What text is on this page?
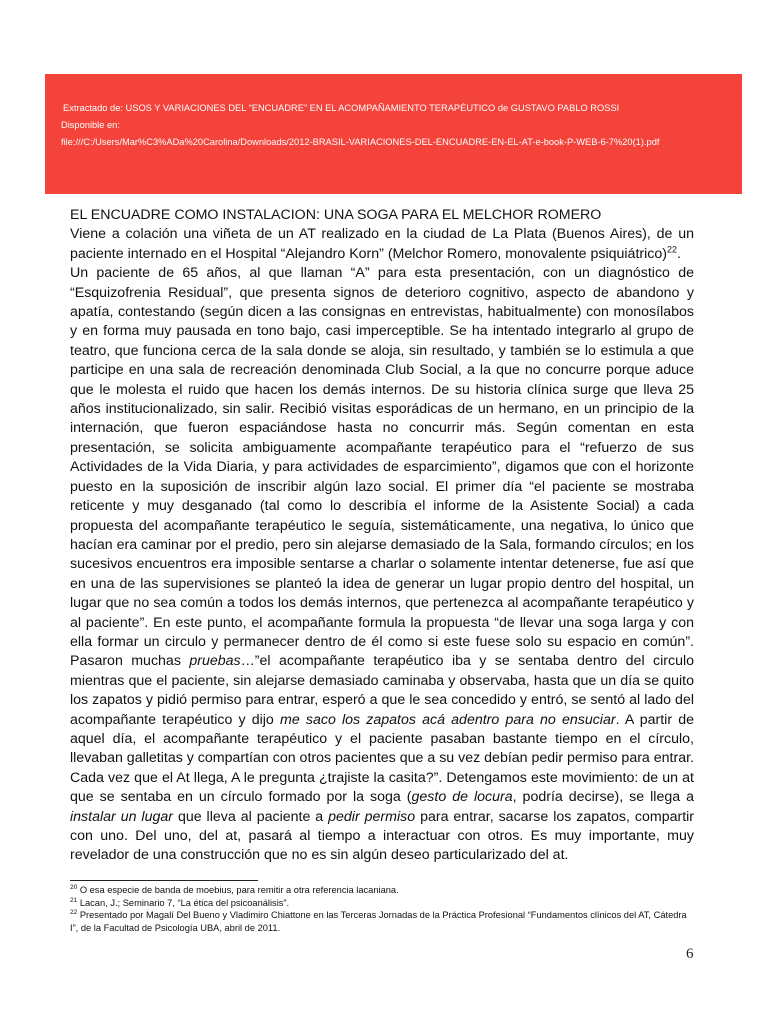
Extractado de: USOS Y VARIACIONES DEL “ENCUADRE” EN EL ACOMPAÑAMIENTO TERAPÉUTICO de GUSTAVO PABLO ROSSI
Disponible en:
file:///C:/Users/Mar%C3%ADa%20Carolina/Downloads/2012-BRASIL-VARIACIONES-DEL-ENCUADRE-EN-EL-AT-e-book-P-WEB-6-7%20(1).pdf

EL ENCUADRE COMO INSTALACION: UNA SOGA PARA EL MELCHOR ROMERO

Viene a colación una viñeta de un AT realizado en la ciudad de La Plata (Buenos Aires), de un paciente internado en el Hospital “Alejandro Korn” (Melchor Romero, monovalente psiquiátrico)$^{22}$.

Un paciente de 65 años, al que llaman “A” para esta presentación, con un diagnóstico de “Esquizofrenia Residual”, que presenta signos de deterioro cognitivo, aspecto de abandono y apatía, contestando (según dicen a las consignas en entrevistas, habitualmente) con monosílabos y en forma muy pausada en tono bajo, casi imperceptible. Se ha intentado integrarlo al grupo de teatro, que funciona cerca de la sala donde se aloja, sin resultado, y también se lo estimula a que participe en una sala de recreación denominada Club Social, a la que no concurre porque aduce que le molesta el ruido que hacen los demás internos. De su historia clínica surge que lleva 25 años institucionalizado, sin salir. Recibió visitas esporádicas de un hermano, en un principio de la internación, que fueron espaciándose hasta no concurrir más. Según comentan en esta presentación, se solicita ambiguamente acompañante terapéutico para el “refuerzo de sus Actividades de la Vida Diaria, y para actividades de esparcimiento”, digamos que con el horizonte puesto en la suposición de inscribir algún lazo social. El primer día “el paciente se mostraba reticente y muy desganado (tal como lo describía el informe de la Asistente Social) a cada propuesta del acompañante terapéutico le seguía, sistemáticamente, una negativa, lo único que hacían era caminar por el predio, pero sin alejarse demasiado de la Sala, formando círculos; en los sucesivos encuentros era imposible sentarse a charlar o solamente intentar detenerse, fue así que en una de las supervisiones se planteó la idea de generar un lugar propio dentro del hospital, un lugar que no sea común a todos los demás internos, que pertenezca al acompañante terapéutico y al paciente”. En este punto, el acompañante formula la propuesta “de llevar una soga larga y con ella formar un circulo y permanecer dentro de él como si este fuese solo su espacio en común”. Pasaron muchas pruebas…”el acompañante terapéutico iba y se sentaba dentro del circulo mientras que el paciente, sin alejarse demasiado caminaba y observaba, hasta que un día se quito los zapatos y pidió permiso para entrar, esperó a que le sea concedido y entró, se sentó al lado del acompañante terapéutico y dijo me saco los zapatos acá adentro para no ensuciar. A partir de aquel día, el acompañante terapéutico y el paciente pasaban bastante tiempo en el círculo, llevaban galletitas y compartían con otros pacientes que a su vez debían pedir permiso para entrar. Cada vez que el At llega, A le pregunta ¿trajiste la casita?”. Detengamos este movimiento: de un at que se sentaba en un círculo formado por la soga (gesto de locura, podría decirse), se llega a instalar un lugar que lleva al paciente a pedir permiso para entrar, sacarse los zapatos, compartir con uno. Del uno, del at, pasará al tiempo a interactuar con otros. Es muy importante, muy revelador de una construcción que no es sin algún deseo particularizado del at.

$^{20}$ O esa especie de banda de moebius, para remitir a otra referencia lacaniana.

$^{21}$ Lacan, J.; Seminario 7, “La ética del psicoanálisis”.

$^{22}$ Presentado por Magalí Del Bueno y Vladimiro Chiattone en las Terceras Jornadas de la Práctica Profesional “Fundamentos clínicos del AT, Cátedra I”, de la Facultad de Psicología UBA, abril de 2011.

6
